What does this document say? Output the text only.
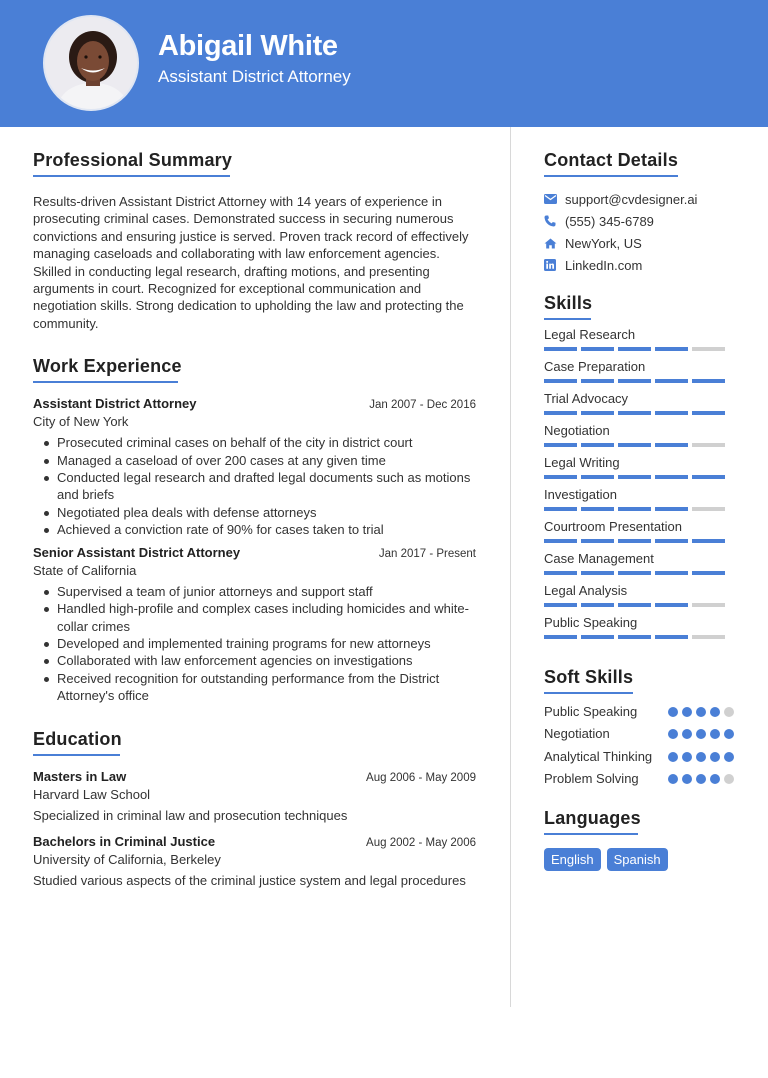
Abigail White
Assistant District Attorney
Professional Summary

Results-driven Assistant District Attorney with 14 years of experience in prosecuting criminal cases. Demonstrated success in securing numerous convictions and ensuring justice is served. Proven track record of effectively managing caseloads and collaborating with law enforcement agencies. Skilled in conducting legal research, drafting motions, and presenting arguments in court. Recognized for exceptional communication and negotiation skills. Strong dedication to upholding the law and protecting the community.

Work Experience
Assistant District Attorney	Jan 2007 - Dec 2016
City of New York
Prosecuted criminal cases on behalf of the city in district court
Managed a caseload of over 200 cases at any given time
Conducted legal research and drafted legal documents such as motions and briefs
Negotiated plea deals with defense attorneys
Achieved a conviction rate of 90% for cases taken to trial
Senior Assistant District Attorney	Jan 2017 - Present
State of California
Supervised a team of junior attorneys and support staff
Handled high-profile and complex cases including homicides and white-collar crimes
Developed and implemented training programs for new attorneys
Collaborated with law enforcement agencies on investigations
Received recognition for outstanding performance from the District Attorney's office
Education
Masters in Law	Aug 2006 - May 2009
Harvard Law School

Specialized in criminal law and prosecution techniques

Bachelors in Criminal Justice	Aug 2002 - May 2006
University of California, Berkeley

Studied various aspects of the criminal justice system and legal procedures

Contact Details
support@cvdesigner.ai
(555) 345-6789
NewYork, US
LinkedIn.com
Skills
Legal Research
Case Preparation
Trial Advocacy
Negotiation
Legal Writing
Investigation
Courtroom Presentation
Case Management
Legal Analysis
Public Speaking
Soft Skills
Public Speaking
Negotiation
Analytical Thinking
Problem Solving
Languages
English	Spanish
